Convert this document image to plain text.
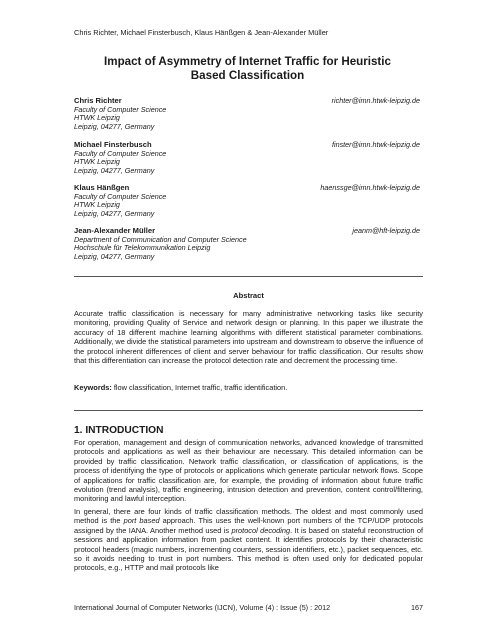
Chris Richter, Michael Finsterbusch, Klaus Hänßgen & Jean-Alexander Müller
Impact of Asymmetry of Internet Traffic for Heuristic
Based Classification
Chris Richter	richter@imn.htwk-leipzig.de
Faculty of Computer Science
HTWK Leipzig
Leipzig, 04277, Germany
Michael Finsterbusch	finster@imn.htwk-leipzig.de
Faculty of Computer Science
HTWK Leipzig
Leipzig, 04277, Germany
Klaus Hänßgen	haenssge@imn.htwk-leipzig.de
Faculty of Computer Science
HTWK Leipzig
Leipzig, 04277, Germany
Jean-Alexander Müller	jeanm@hft-leipzig.de
Department of Communication and Computer Science
Hochschule für Telekommunikation Leipzig
Leipzig, 04277, Germany
Abstract
Accurate traffic classification is necessary for many administrative networking tasks like security monitoring, providing Quality of Service and network design or planning. In this paper we illustrate the accuracy of 18 different machine learning algorithms with different statistical parameter combinations. Additionally, we divide the statistical parameters into upstream and downstream to observe the influence of the protocol inherent differences of client and server behaviour for traffic classification. Our results show that this differentiation can increase the protocol detection rate and decrement the processing time.
Keywords: flow classification, Internet traffic, traffic identification.
1. INTRODUCTION
For operation, management and design of communication networks, advanced knowledge of transmitted protocols and applications as well as their behaviour are necessary. This detailed information can be provided by traffic classification. Network traffic classification, or classification of applications, is the process of identifying the type of protocols or applications which generate particular network flows. Scope of applications for traffic classification are, for example, the providing of information about future traffic evolution (trend analysis), traffic engineering, intrusion detection and prevention, content control/filtering, monitoring and lawful interception.
In general, there are four kinds of traffic classification methods. The oldest and most commonly used method is the port based approach. This uses the well-known port numbers of the TCP/UDP protocols assigned by the IANA. Another method used is protocol decoding. It is based on stateful reconstruction of sessions and application information from packet content. It identifies protocols by their characteristic protocol headers (magic numbers, incrementing counters, session identifiers, etc.), packet sequences, etc. so it avoids needing to trust in port numbers. This method is often used only for dedicated popular protocols, e.g., HTTP and mail protocols like
International Journal of Computer Networks (IJCN), Volume (4) : Issue (5) : 2012	167
